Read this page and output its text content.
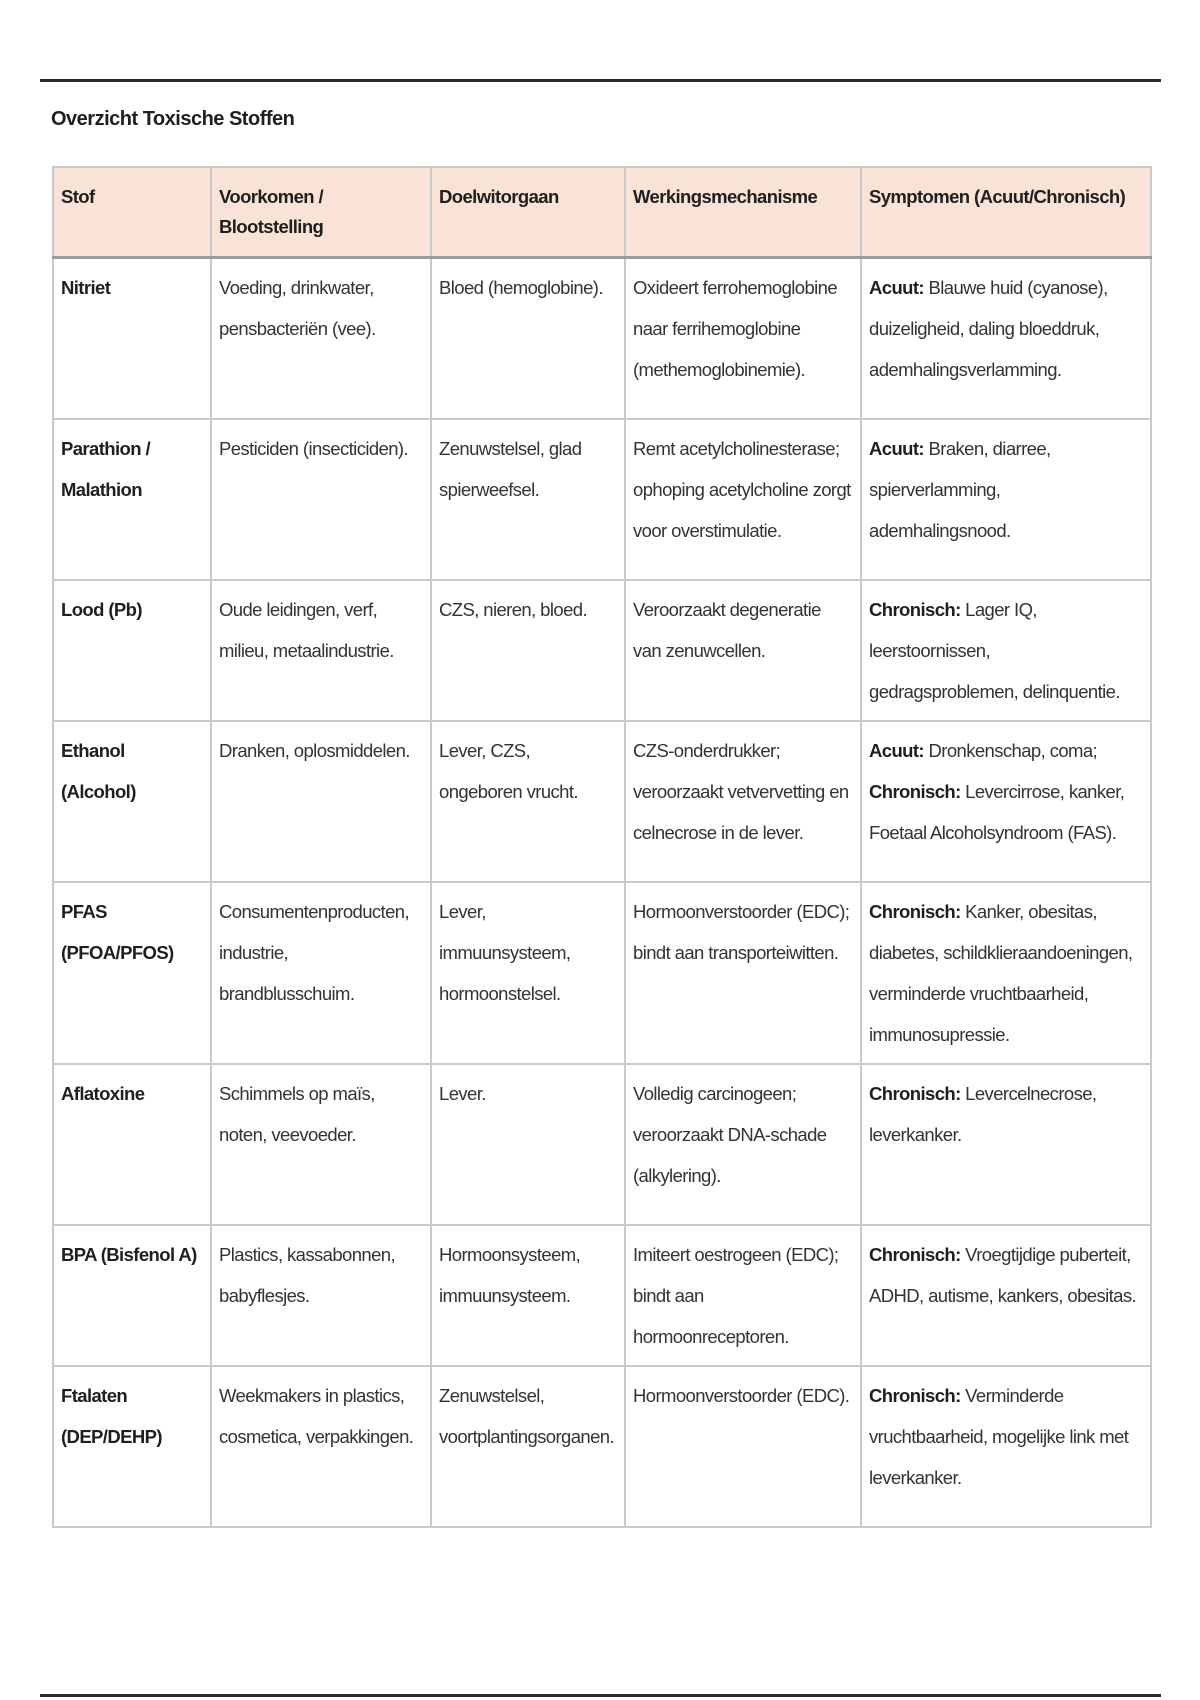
Overzicht Toxische Stoffen
Stof	Voorkomen / Blootstelling	Doelwitorgaan	Werkingsmechanisme	Symptomen (Acuut/Chronisch)
Nitriet	Voeding, drinkwater, pensbacteriën (vee).	Bloed (hemoglobine).	Oxideert ferrohemoglobine naar ferrihemoglobine (methemoglobinemie).	Acuut: Blauwe huid (cyanose), duizeligheid, daling bloeddruk, ademhalingsverlamming.
Parathion / Malathion	Pesticiden (insecticiden).	Zenuwstelsel, glad spierweefsel.	Remt acetylcholinesterase; ophoping acetylcholine zorgt voor overstimulatie.	Acuut: Braken, diarree, spierverlamming, ademhalingsnood.
Lood (Pb)	Oude leidingen, verf, milieu, metaalindustrie.	CZS, nieren, bloed.	Veroorzaakt degeneratie van zenuwcellen.	Chronisch: Lager IQ, leerstoornissen, gedragsproblemen, delinquentie.
Ethanol (Alcohol)	Dranken, oplosmiddelen.	Lever, CZS, ongeboren vrucht.	CZS-onderdrukker; veroorzaakt vetvervetting en celnecrose in de lever.	Acuut: Dronkenschap, coma; Chronisch: Levercirrose, kanker, Foetaal Alcoholsyndroom (FAS).
PFAS (PFOA/PFOS)	Consumentenproducten, industrie, brandblusschuim.	Lever, immuunsysteem, hormoonstelsel.	Hormoonverstoorder (EDC); bindt aan transporteiwitten.	Chronisch: Kanker, obesitas, diabetes, schildklieraandoeningen, verminderde vruchtbaarheid, immunosupressie.
Aflatoxine	Schimmels op maïs, noten, veevoeder.	Lever.	Volledig carcinogeen; veroorzaakt DNA-schade (alkylering).	Chronisch: Levercelnecrose, leverkanker.
BPA (Bisfenol A)	Plastics, kassabonnen, babyflesjes.	Hormoonsysteem, immuunsysteem.	Imiteert oestrogeen (EDC); bindt aan hormoonreceptoren.	Chronisch: Vroegtijdige puberteit, ADHD, autisme, kankers, obesitas.
Ftalaten (DEP/DEHP)	Weekmakers in plastics, cosmetica, verpakkingen.	Zenuwstelsel, voortplantingsorganen.	Hormoonverstoorder (EDC).	Chronisch: Verminderde vruchtbaarheid, mogelijke link met leverkanker.
